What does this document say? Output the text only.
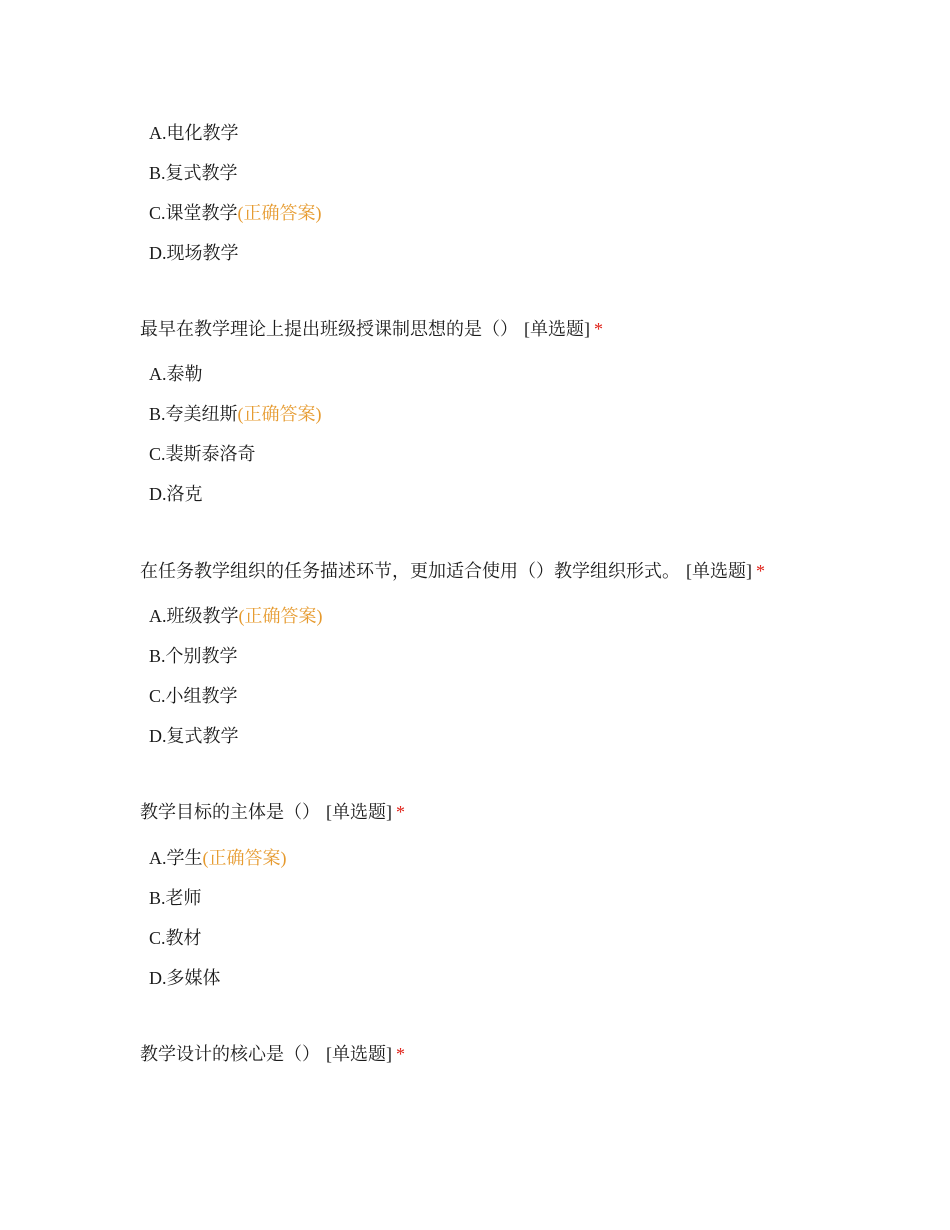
A.电化教学
B.复式教学
C.课堂教学(正确答案)
D.现场教学
最早在教学理论上提出班级授课制思想的是（） [单选题] *
A.泰勒
B.夸美纽斯(正确答案)
C.裴斯泰洛奇
D.洛克
在任务教学组织的任务描述环节，更加适合使用（）教学组织形式。 [单选题] *
A.班级教学(正确答案)
B.个别教学
C.小组教学
D.复式教学
教学目标的主体是（） [单选题] *
A.学生(正确答案)
B.老师
C.教材
D.多媒体
教学设计的核心是（） [单选题] *
